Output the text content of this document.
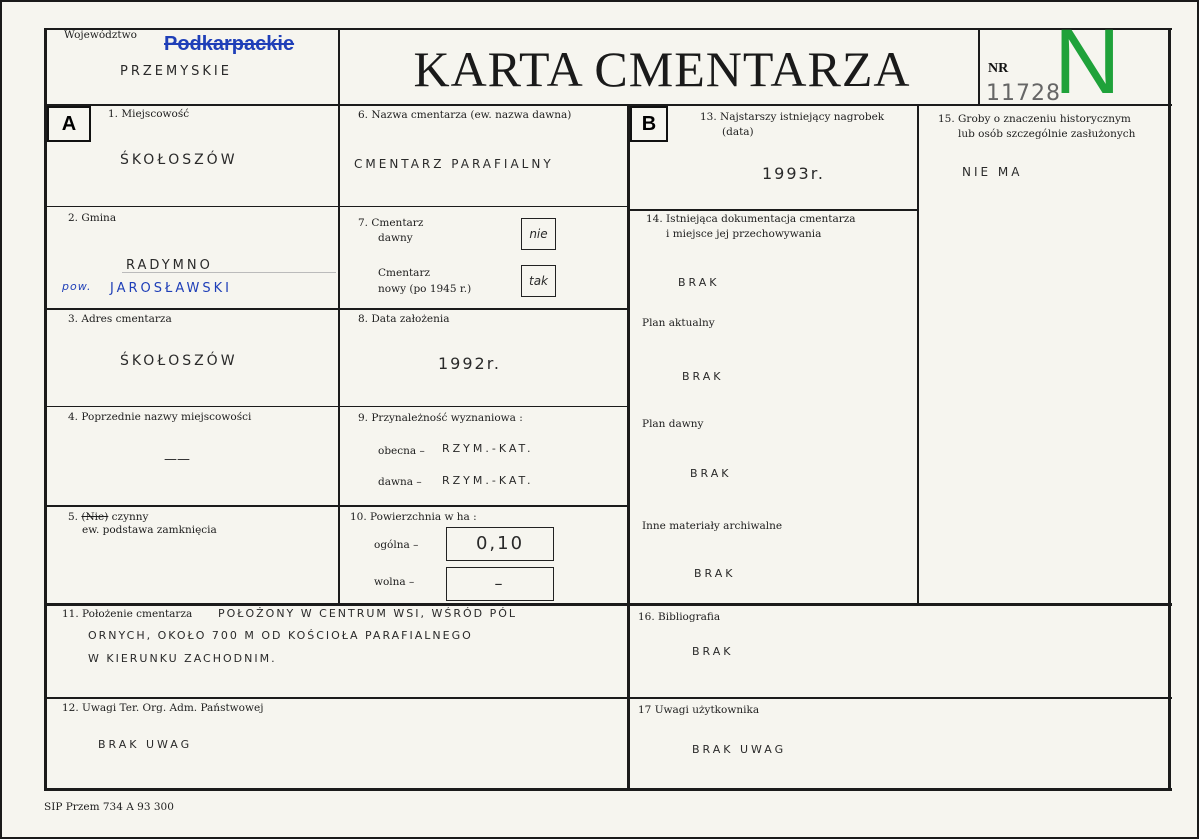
Województwo Podkarpackie
PRZEMYSKIE	KARTA CMENTARZA	NR
11728
N
A	B
1. Miejscowość
ŚKOŁOSZÓW
2. Gmina
RADYMNO
pow. JAROSŁAWSKI
3. Adres cmentarza
ŚKOŁOSZÓW
4. Poprzednie nazwy miejscowości
——
5. (Nie) czynny
ew. podstawa zamknięcia
6. Nazwa cmentarza (ew. nazwa dawna)
CMENTARZ PARAFIALNY
7. Cmentarz
dawny	nie
Cmentarz
nowy (po 1945 r.)
tak
8. Data założenia
1992r.
9. Przynależność wyznaniowa :
obecna – RZYM.-KAT.
dawna – RZYM.-KAT.
10. Powierzchnia w ha :
ogólna –	0,10
wolna –	–
13. Najstarszy istniejący nagrobek
(data)
1993r.
14. Istniejąca dokumentacja cmentarza
i miejsce jej przechowywania
BRAK
Plan aktualny
BRAK
Plan dawny
BRAK
Inne materiały archiwalne
BRAK
15. Groby o znaczeniu historycznym
lub osób szczególnie zasłużonych
NIE MA
11. Położenie cmentarza POŁOŻONY W CENTRUM WSI, WŚRÓD PÓL
ORNYCH, OKOŁO 700 M OD KOŚCIOŁA PARAFIALNEGO
W KIERUNKU ZACHODNIM.
16. Bibliografia
BRAK
12. Uwagi Ter. Org. Adm. Państwowej
BRAK UWAG
17 Uwagi użytkownika
BRAK UWAG
SIP Przem 734 A 93 300
